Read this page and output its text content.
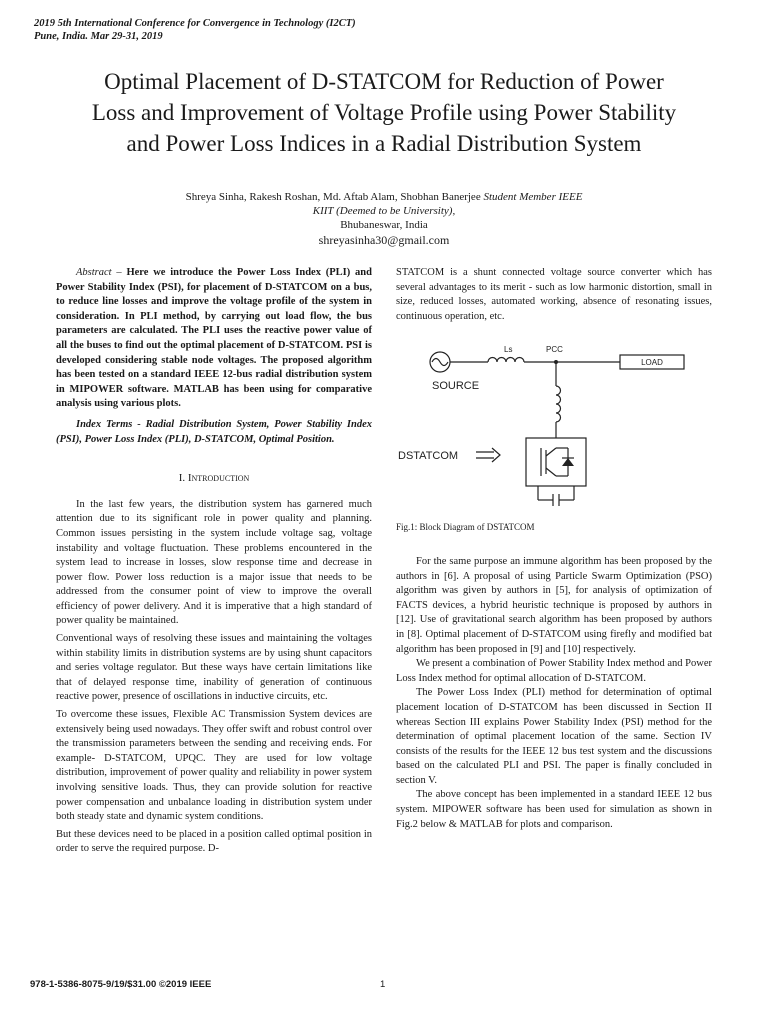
2019 5th International Conference for Convergence in Technology (I2CT)
Pune, India. Mar 29-31, 2019
Optimal Placement of D-STATCOM for Reduction of Power
Loss and Improvement of Voltage Profile using Power Stability
and Power Loss Indices in a Radial Distribution System
Shreya Sinha, Rakesh Roshan, Md. Aftab Alam, Shobhan Banerjee Student Member IEEE
KIIT (Deemed to be University),
Bhubaneswar, India
shreyasinha30@gmail.com

Abstract – Here we introduce the Power Loss Index (PLI) and Power Stability Index (PSI), for placement of D-STATCOM on a bus, to reduce line losses and improve the voltage profile of the system in consideration. In PLI method, by carrying out load flow, the bus parameters are calculated. The PLI uses the reactive power value of all the buses to find out the optimal placement of D-STATCOM. PSI is developed considering stable node voltages. The proposed algorithm has been tested on a standard IEEE 12-bus radial distribution system in MIPOWER software. MATLAB has been using for comparative analysis using various plots.

Index Terms - Radial Distribution System, Power Stability Index (PSI), Power Loss Index (PLI), D-STATCOM, Optimal Position.

I. Introduction

In the last few years, the distribution system has garnered much attention due to its significant role in power quality and planning. Common issues persisting in the system include voltage sag, voltage instability and voltage fluctuation. These problems encountered in the system lead to increase in losses, slow response time and decrease in power flow. Power loss reduction is a major issue that needs to be addressed from the consumer point of view to improve the overall efficiency of power delivery. And it is imperative that a high standard of power quality be maintained.

Conventional ways of resolving these issues and maintaining the voltages within stability limits in distribution systems are by using shunt capacitors and series voltage regulator. But these ways have certain limitations like that of delayed response time, inability of generation of continuous reactive power, presence of oscillations in inductive circuits, etc.

To overcome these issues, Flexible AC Transmission System devices are extensively being used nowadays. They offer swift and robust control over the transmission parameters between the sending and receiving ends. For example- D-STATCOM, UPQC. They are used for low voltage distribution, improvement of power quality and reliability in power system involving sensitive loads. Thus, they can provide solution for reactive power compensation and unbalance loading in distribution system under both steady state and dynamic system conditions.

But these devices need to be placed in a position called optimal position in order to serve the required purpose. D-

STATCOM is a shunt connected voltage source converter which has several advantages to its merit - such as low harmonic distortion, small in size, reduced losses, automated working, absence of resonating issues, continuous operation, etc.

Ls	PCC
LOAD
SOURCE
DSTATCOM

Fig.1: Block Diagram of DSTATCOM

For the same purpose an immune algorithm has been proposed by the authors in [6]. A proposal of using Particle Swarm Optimization (PSO) algorithm was given by authors in [5], for analysis of optimization of FACTS devices, a hybrid heuristic technique is proposed by authors in [12]. Use of gravitational search algorithm has been proposed by authors in [8]. Optimal placement of D-STATCOM using firefly and modified bat algorithm has been proposed in [9] and [10] respectively.

We present a combination of Power Stability Index method and Power Loss Index method for optimal allocation of D-STATCOM.

The Power Loss Index (PLI) method for determination of optimal placement location of D-STATCOM has been discussed in Section II whereas Section III explains Power Stability Index (PSI) method for the determination of optimal placement location of the same. Section IV consists of the results for the IEEE 12 bus test system and the discussions based on the calculated PLI and PSI. The paper is finally concluded in section V.

The above concept has been implemented in a standard IEEE 12 bus system. MIPOWER software has been used for simulation as shown in Fig.2 below & MATLAB for plots and comparison.

978-1-5386-8075-9/19/$31.00 ©2019 IEEE	1
